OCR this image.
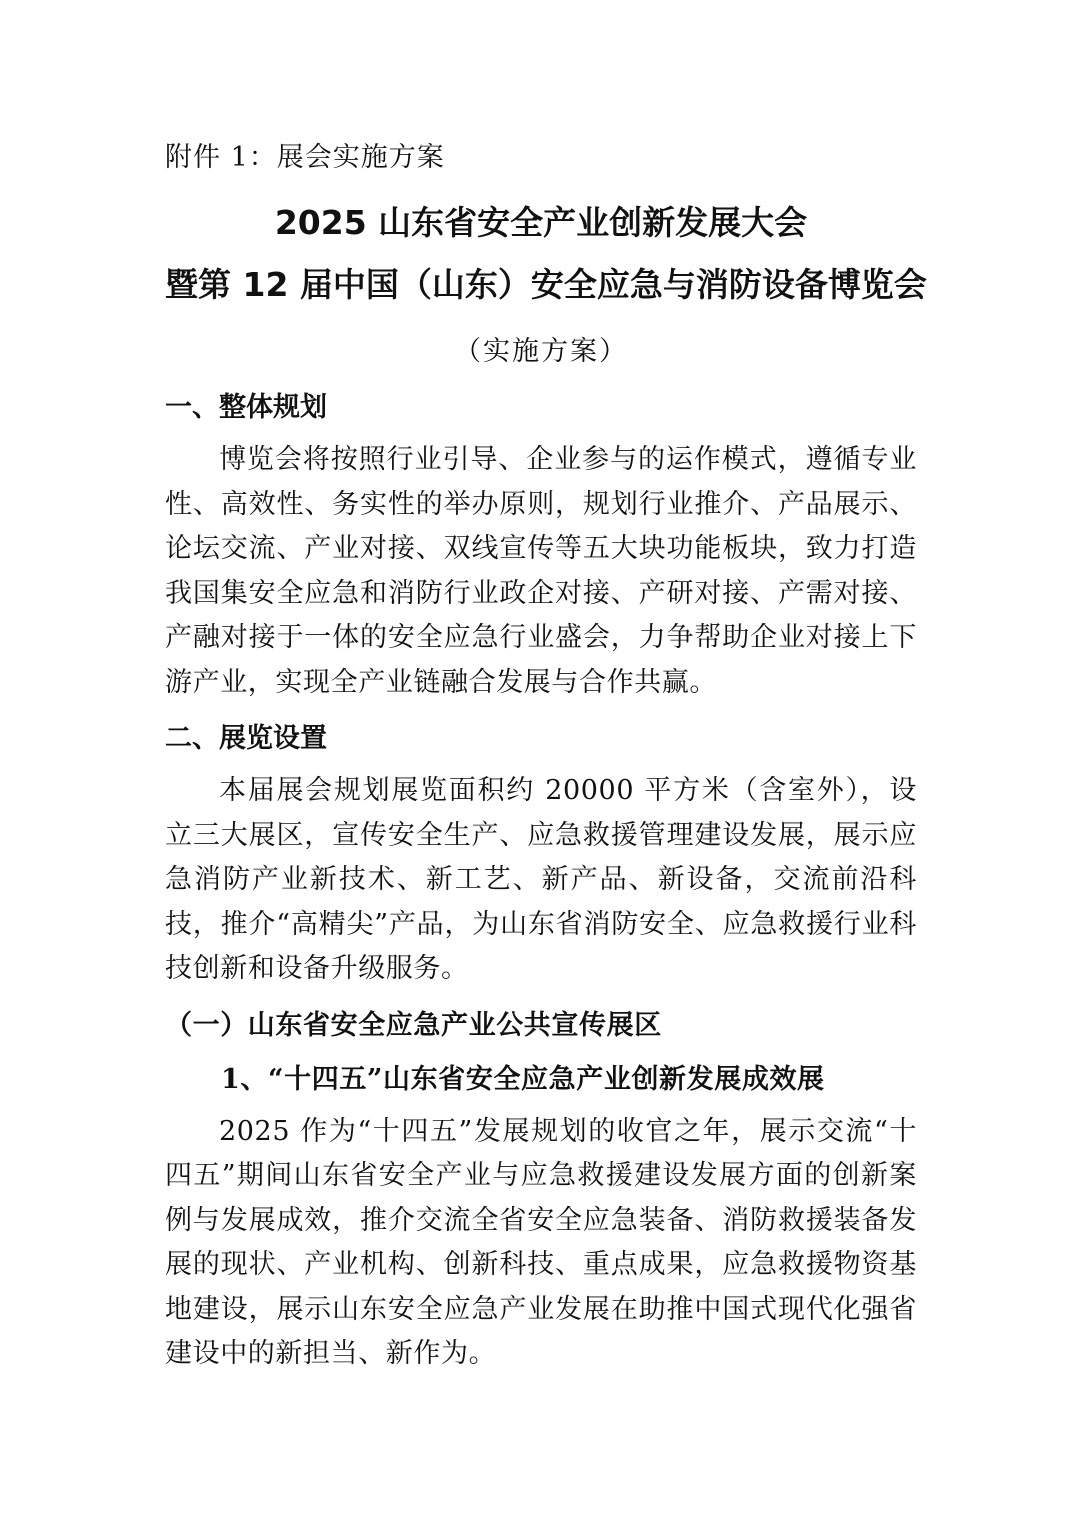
附件 1：展会实施方案

2025 山东省安全产业创新发展大会
暨第 12 届中国（山东）安全应急与消防设备博览会

（实施方案）

一、整体规划

博览会将按照行业引导、企业参与的运作模式，遵循专业性、高效性、务实性的举办原则，规划行业推介、产品展示、论坛交流、产业对接、双线宣传等五大块功能板块，致力打造我国集安全应急和消防行业政企对接、产研对接、产需对接、产融对接于一体的安全应急行业盛会，力争帮助企业对接上下游产业，实现全产业链融合发展与合作共赢。

二、展览设置

本届展会规划展览面积约 20000 平方米（含室外），设立三大展区，宣传安全生产、应急救援管理建设发展，展示应急消防产业新技术、新工艺、新产品、新设备，交流前沿科技，推介“高精尖”产品，为山东省消防安全、应急救援行业科技创新和设备升级服务。

（一）山东省安全应急产业公共宣传展区
1、“十四五”山东省安全应急产业创新发展成效展

2025 作为“十四五”发展规划的收官之年，展示交流“十四五”期间山东省安全产业与应急救援建设发展方面的创新案例与发展成效，推介交流全省安全应急装备、消防救援装备发展的现状、产业机构、创新科技、重点成果，应急救援物资基地建设，展示山东安全应急产业发展在助推中国式现代化强省建设中的新担当、新作为。
